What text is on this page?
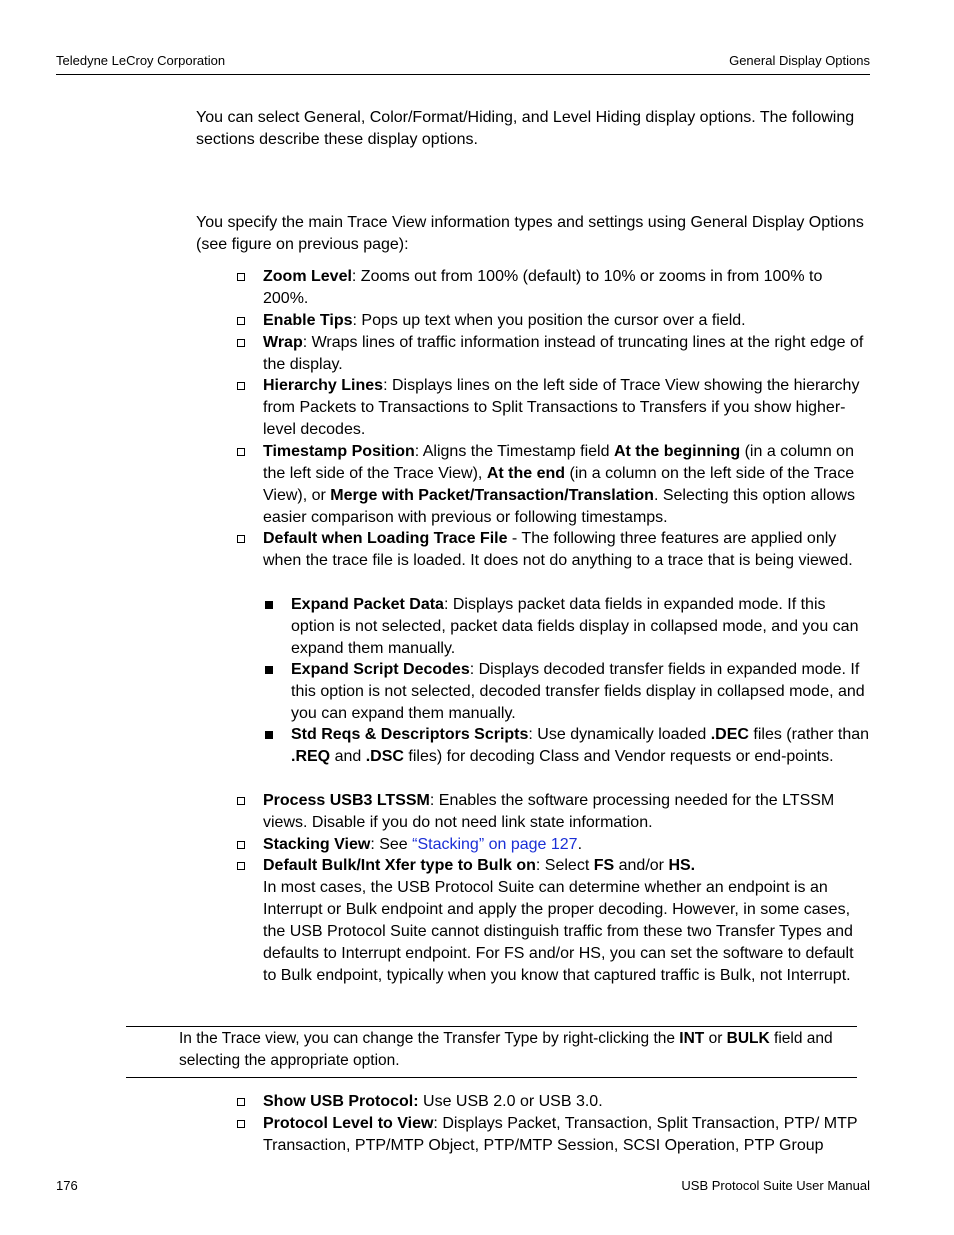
Teledyne LeCroy Corporation	General Display Options
You can select General, Color/Format/Hiding, and Level Hiding display options. The following sections describe these display options.
You specify the main Trace View information types and settings using General Display Options (see figure on previous page):
Zoom Level: Zooms out from 100% (default) to 10% or zooms in from 100% to 200%.
Enable Tips: Pops up text when you position the cursor over a field.
Wrap: Wraps lines of traffic information instead of truncating lines at the right edge of the display.
Hierarchy Lines: Displays lines on the left side of Trace View showing the hierarchy from Packets to Transactions to Split Transactions to Transfers if you show higher-level decodes.
Timestamp Position: Aligns the Timestamp field At the beginning (in a column on the left side of the Trace View), At the end (in a column on the left side of the Trace View), or Merge with Packet/Transaction/Translation. Selecting this option allows easier comparison with previous or following timestamps.
Default when Loading Trace File - The following three features are applied only when the trace file is loaded. It does not do anything to a trace that is being viewed.
Expand Packet Data: Displays packet data fields in expanded mode. If this option is not selected, packet data fields display in collapsed mode, and you can expand them manually.
Expand Script Decodes: Displays decoded transfer fields in expanded mode. If this option is not selected, decoded transfer fields display in collapsed mode, and you can expand them manually.
Std Reqs & Descriptors Scripts: Use dynamically loaded .DEC files (rather than .REQ and .DSC files) for decoding Class and Vendor requests or end-points.
Process USB3 LTSSM: Enables the software processing needed for the LTSSM views. Disable if you do not need link state information.
Stacking View: See “Stacking” on page 127.
Default Bulk/Int Xfer type to Bulk on: Select FS and/or HS.
In most cases, the USB Protocol Suite can determine whether an endpoint is an Interrupt or Bulk endpoint and apply the proper decoding. However, in some cases, the USB Protocol Suite cannot distinguish traffic from these two Transfer Types and defaults to Interrupt endpoint. For FS and/or HS, you can set the software to default to Bulk endpoint, typically when you know that captured traffic is Bulk, not Interrupt.
In the Trace view, you can change the Transfer Type by right-clicking the INT or BULK field and selecting the appropriate option.
Show USB Protocol: Use USB 2.0 or USB 3.0.
Protocol Level to View: Displays Packet, Transaction, Split Transaction, PTP/ MTP Transaction, PTP/MTP Object, PTP/MTP Session, SCSI Operation, PTP Group
176	USB Protocol Suite User Manual
